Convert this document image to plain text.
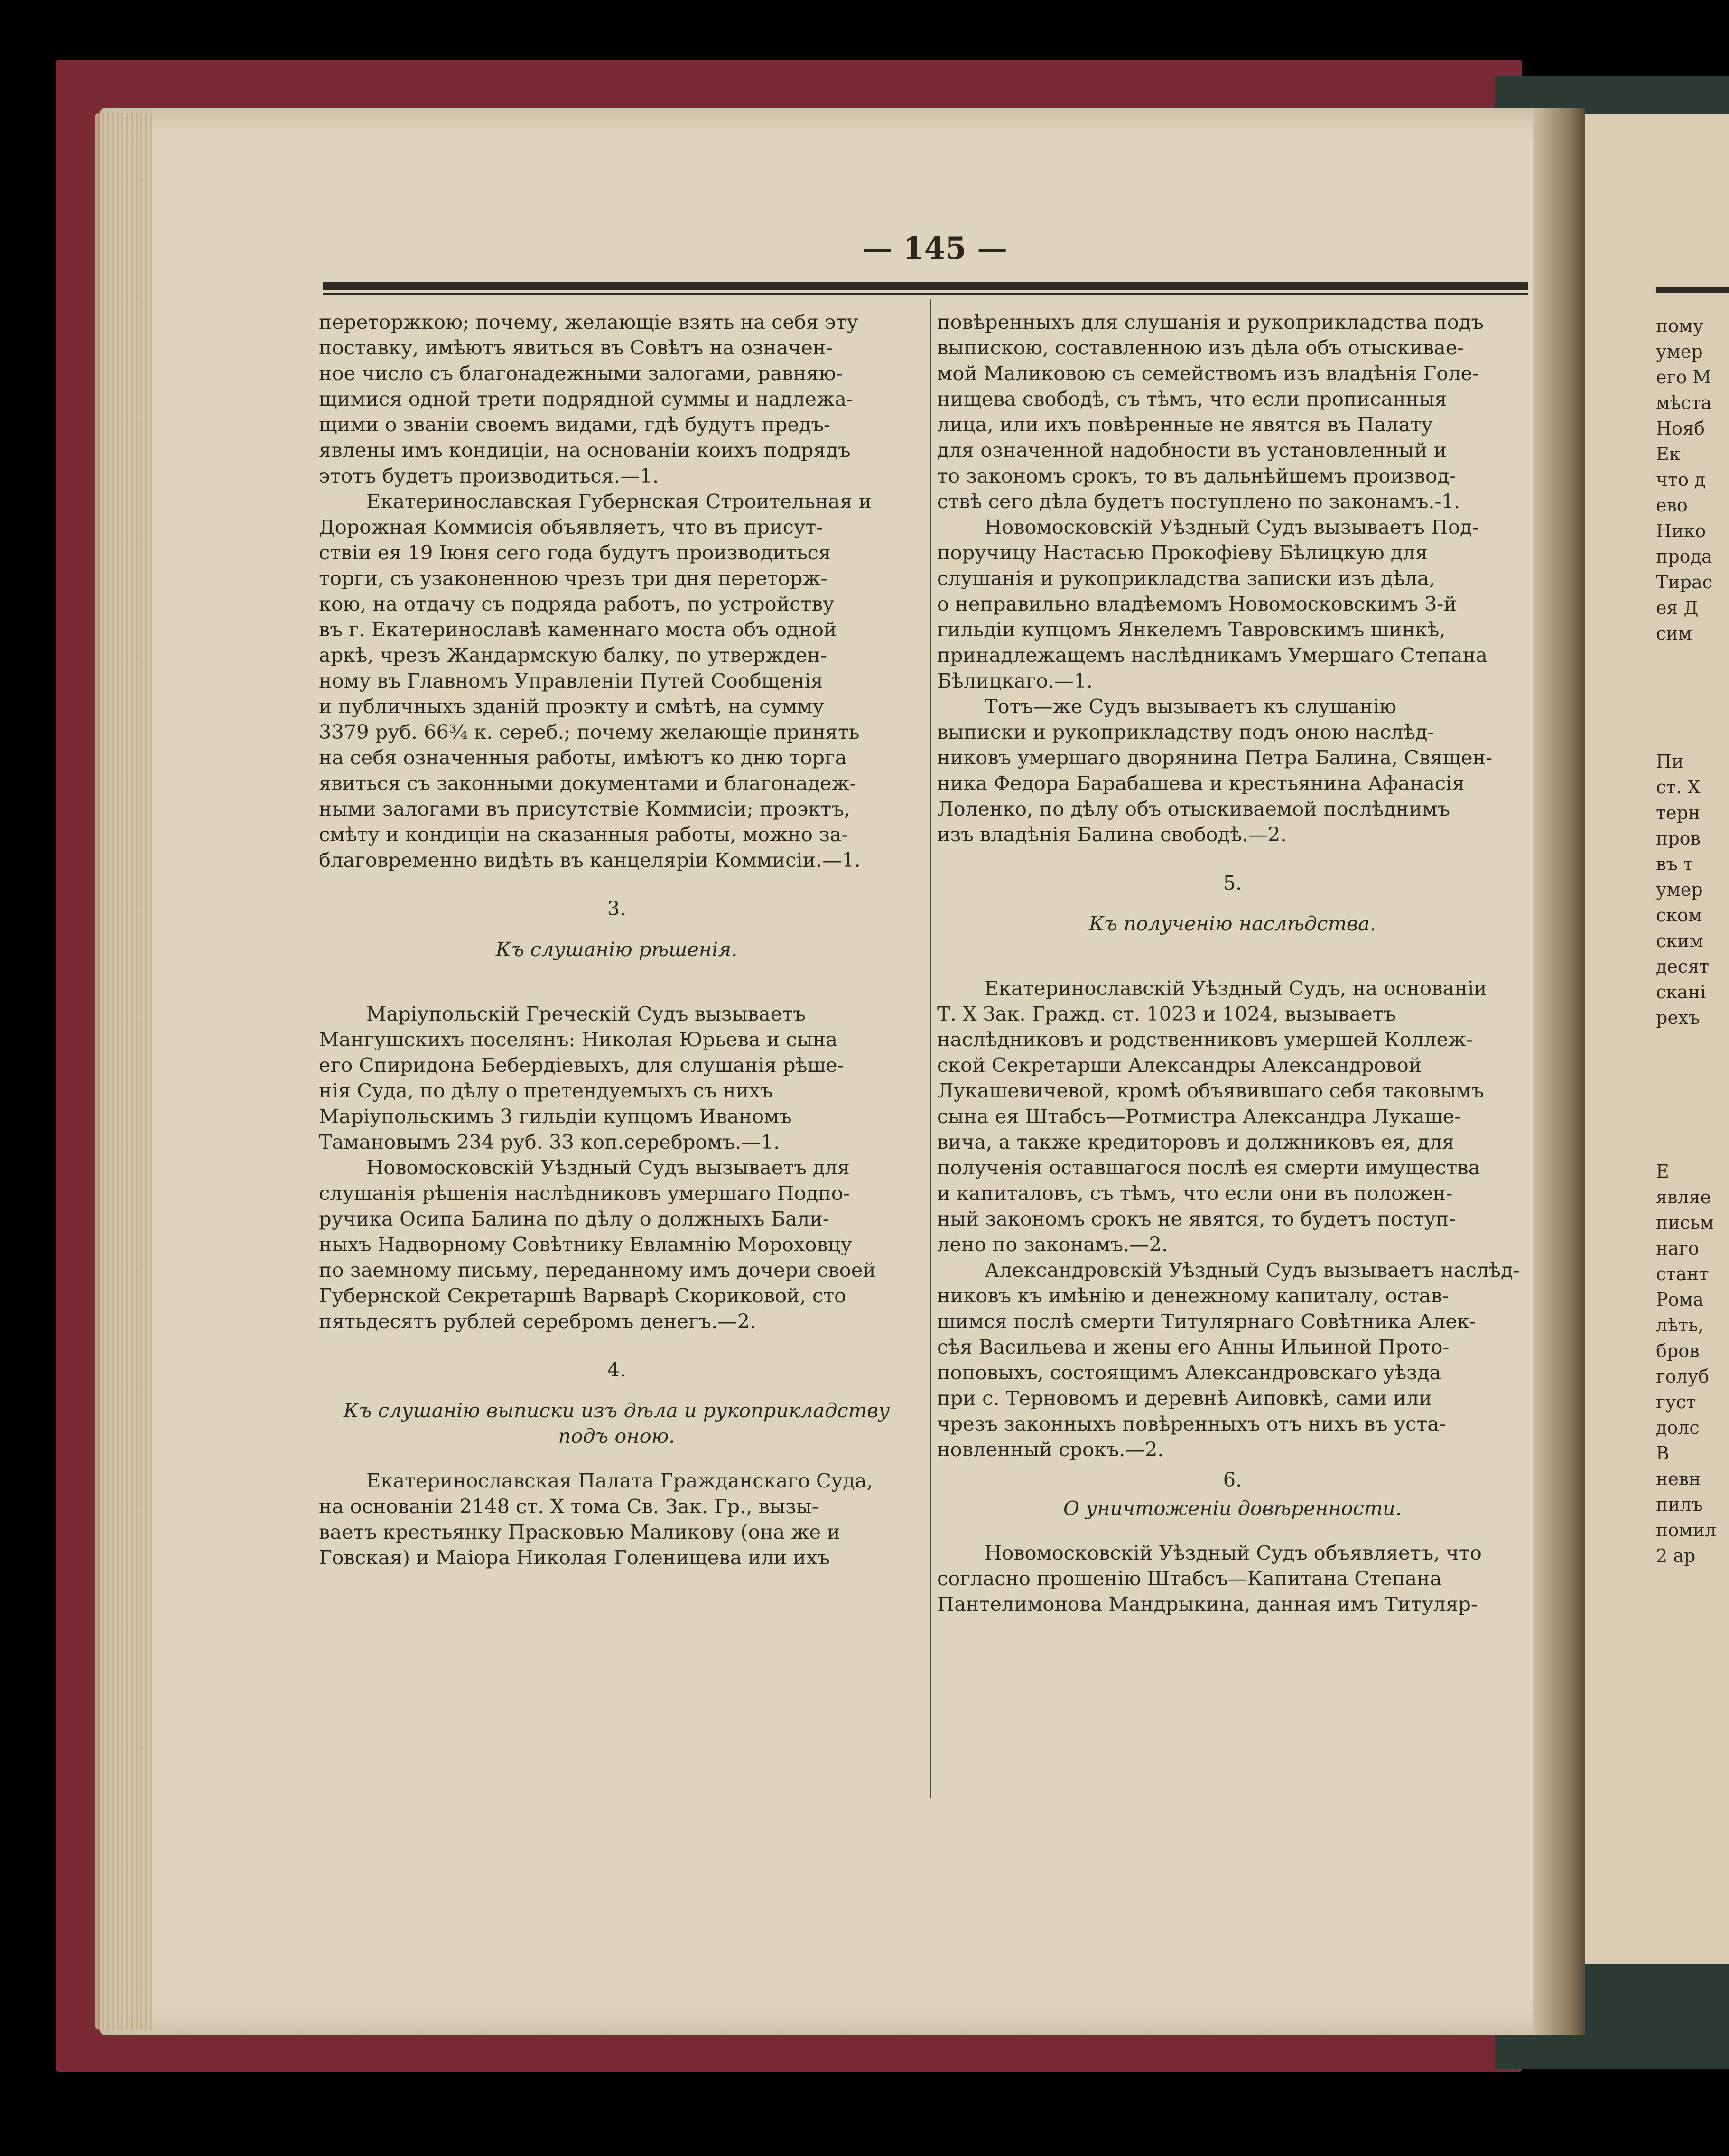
— 145 —

переторжкою; почему, желающіе взять на себя эту
поставку, имѣютъ явиться въ Совѣтъ на означен-
ное число съ благонадежными залогами, равняю-
щимися одной трети подрядной суммы и надлежа-
щими о званіи своемъ видами, гдѣ будутъ предъ-
явлены имъ кондиціи, на основаніи коихъ подрядъ
этотъ будетъ производиться.—1.

Екатеринославская Губернская Строительная и
Дорожная Коммисія объявляетъ, что въ присут-
ствіи ея 19 Іюня сего года будутъ производиться
торги, съ узаконенною чрезъ три дня переторж-
кою, на отдачу съ подряда работъ, по устройству
въ г. Екатеринославѣ каменнаго моста объ одной
аркѣ, чрезъ Жандармскую балку, по утвержден-
ному въ Главномъ Управленіи Путей Сообщенія
и публичныхъ зданій проэкту и смѣтѣ, на сумму
3379 руб. 66¾ к. сереб.; почему желающіе принять
на себя означенныя работы, имѣютъ ко дню торга
явиться съ законными документами и благонадеж-
ными залогами въ присутствіе Коммисіи; проэктъ,
смѣту и кондиціи на сказанныя работы, можно за-
благовременно видѣть въ канцеляріи Коммисіи.—1.

3.
Къ слушанію рѣшенія.

Маріупольскій Греческій Судъ вызываетъ
Мангушскихъ поселянъ: Николая Юрьева и сына
его Спиридона Бебердіевыхъ, для слушанія рѣше-
нія Суда, по дѣлу о претендуемыхъ съ нихъ
Маріупольскимъ 3 гильдіи купцомъ Иваномъ
Тамановымъ 234 руб. 33 коп.серебромъ.—1.

Новомосковскій Уѣздный Судъ вызываетъ для
слушанія рѣшенія наслѣдниковъ умершаго Подпо-
ручика Осипа Балина по дѣлу о должныхъ Бали-
ныхъ Надворному Совѣтнику Евламнію Мороховцу
по заемному письму, переданному имъ дочери своей
Губернской Секретаршѣ Варварѣ Скориковой, сто
пятьдесятъ рублей серебромъ денегъ.—2.

4.
Къ слушанію выписки изъ дѣла и рукоприкладству подъ оною.

Екатеринославская Палата Гражданскаго Суда,
на основаніи 2148 ст. X тома Св. Зак. Гр., вызы-
ваетъ крестьянку Прасковью Маликову (она же и
Говская) и Маіора Николая Голенищева или ихъ

повѣренныхъ для слушанія и рукоприкладства подъ
выпискою, составленною изъ дѣла объ отыскивае-
мой Маликовою съ семействомъ изъ владѣнія Голе-
нищева свободѣ, съ тѣмъ, что если прописанныя
лица, или ихъ повѣренные не явятся въ Палату
для означенной надобности въ установленный и
то закономъ срокъ, то въ дальнѣйшемъ производ-
ствѣ сего дѣла будетъ поступлено по законамъ.-1.

Новомосковскій Уѣздный Судъ вызываетъ Под-
поручицу Настасью Прокофіеву Бѣлицкую для
слушанія и рукоприкладства записки изъ дѣла,
о неправильно владѣемомъ Новомосковскимъ 3-й
гильдіи купцомъ Янкелемъ Тавровскимъ шинкѣ,
принадлежащемъ наслѣдникамъ Умершаго Степана
Бѣлицкаго.—1.

Тотъ—же Судъ вызываетъ къ слушанію
выписки и рукоприкладству подъ оною наслѣд-
никовъ умершаго дворянина Петра Балина, Священ-
ника Федора Барабашева и крестьянина Афанасія
Лоленко, по дѣлу объ отыскиваемой послѣднимъ
изъ владѣнія Балина свободѣ.—2.

5.
Къ полученію наслѣдства.

Екатеринославскій Уѣздный Судъ, на основаніи
Т. X Зак. Гражд. ст. 1023 и 1024, вызываетъ
наслѣдниковъ и родственниковъ умершей Коллеж-
ской Секретарши Александры Александровой
Лукашевичевой, кромѣ объявившаго себя таковымъ
сына ея Штабсъ—Ротмистра Александра Лукаше-
вича, а также кредиторовъ и должниковъ ея, для
полученія оставшагося послѣ ея смерти имущества
и капиталовъ, съ тѣмъ, что если они въ положен-
ный закономъ срокъ не явятся, то будетъ поступ-
лено по законамъ.—2.

Александровскій Уѣздный Судъ вызываетъ наслѣд-
никовъ къ имѣнію и денежному капиталу, остав-
шимся послѣ смерти Титулярнаго Совѣтника Алек-
сѣя Васильева и жены его Анны Ильиной Прото-
поповыхъ, состоящимъ Александровскаго уѣзда
при с. Терновомъ и деревнѣ Аиповкѣ, сами или
чрезъ законныхъ повѣренныхъ отъ нихъ въ уста-
новленный срокъ.—2.

6.
О уничтоженіи довѣренности.

Новомосковскій Уѣздный Судъ объявляетъ, что
согласно прошенію Штабсъ—Капитана Степана
Пантелимонова Мандрыкина, данная имъ Титуляр-

пому
умер
его М
мѣста
Нояб
Ек
что д
ево
Нико
прода
Тирас
ея Д
сим

Пи
ст. Х
терн
пров
въ т
умер
ском
ским
десят
скані
рехъ

Е
являе
письм
наго
стант
Рома
лѣть,
бров
голуб
густ
долс
В
невн
пилъ
помил
2 ар
